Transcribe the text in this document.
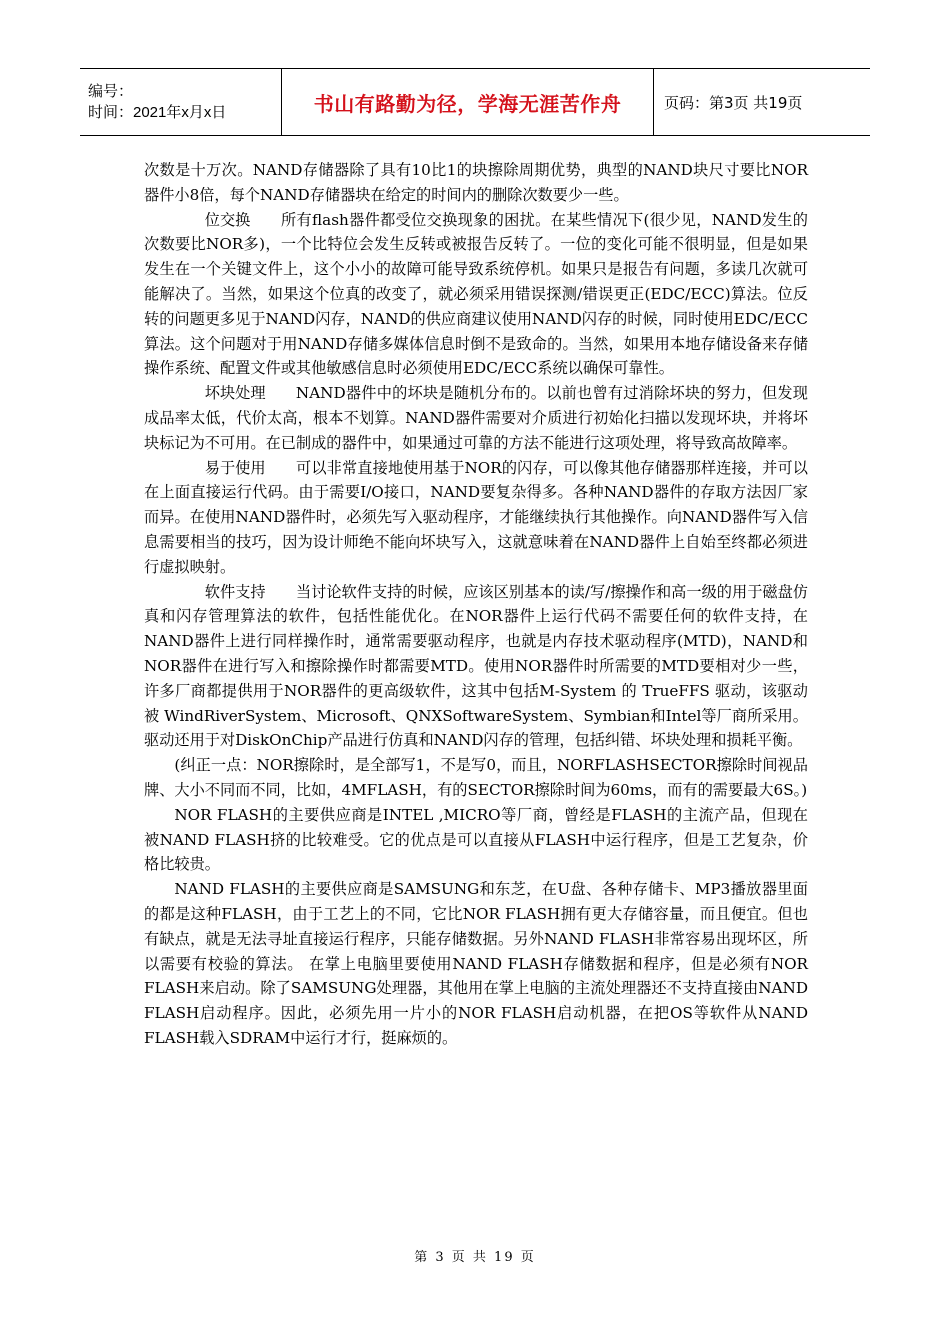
编号：
时间：2021年x月x日	书山有路勤为径，学海无涯苦作舟	页码：第3页 共19页

次数是十万次。NAND存储器除了具有10比1的块擦除周期优势，典型的NAND块尺寸要比NOR器件小8倍，每个NAND存储器块在给定的时间内的删除次数要少一些。

位交换 所有flash器件都受位交换现象的困扰。在某些情况下(很少见，NAND发生的次数要比NOR多)，一个比特位会发生反转或被报告反转了。一位的变化可能不很明显，但是如果发生在一个关键文件上，这个小小的故障可能导致系统停机。如果只是报告有问题，多读几次就可能解决了。当然，如果这个位真的改变了，就必须采用错误探测/错误更正(EDC/ECC)算法。位反转的问题更多见于NAND闪存，NAND的供应商建议使用NAND闪存的时候，同时使用EDC/ECC算法。这个问题对于用NAND存储多媒体信息时倒不是致命的。当然，如果用本地存储设备来存储操作系统、配置文件或其他敏感信息时必须使用EDC/ECC系统以确保可靠性。

坏块处理 NAND器件中的坏块是随机分布的。以前也曾有过消除坏块的努力，但发现成品率太低，代价太高，根本不划算。NAND器件需要对介质进行初始化扫描以发现坏块，并将坏块标记为不可用。在已制成的器件中，如果通过可靠的方法不能进行这项处理，将导致高故障率。

易于使用 可以非常直接地使用基于NOR的闪存，可以像其他存储器那样连接，并可以在上面直接运行代码。由于需要I/O接口，NAND要复杂得多。各种NAND器件的存取方法因厂家而异。在使用NAND器件时，必须先写入驱动程序，才能继续执行其他操作。向NAND器件写入信息需要相当的技巧，因为设计师绝不能向坏块写入，这就意味着在NAND器件上自始至终都必须进行虚拟映射。

软件支持 当讨论软件支持的时候，应该区别基本的读/写/擦操作和高一级的用于磁盘仿真和闪存管理算法的软件，包括性能优化。在NOR器件上运行代码不需要任何的软件支持，在NAND器件上进行同样操作时，通常需要驱动程序，也就是内存技术驱动程序(MTD)，NAND和NOR器件在进行写入和擦除操作时都需要MTD。使用NOR器件时所需要的MTD要相对少一些，许多厂商都提供用于NOR器件的更高级软件，这其中包括M-System 的 TrueFFS 驱动，该驱动被 WindRiverSystem、Microsoft、QNXSoftwareSystem、Symbian和Intel等厂商所采用。驱动还用于对DiskOnChip产品进行仿真和NAND闪存的管理，包括纠错、坏块处理和损耗平衡。

(纠正一点：NOR擦除时，是全部写1，不是写0，而且，NORFLASHSECTOR擦除时间视品牌、大小不同而不同，比如，4MFLASH，有的SECTOR擦除时间为60ms，而有的需要最大6S。)

NOR FLASH的主要供应商是INTEL ,MICRO等厂商，曾经是FLASH的主流产品，但现在被NAND FLASH挤的比较难受。它的优点是可以直接从FLASH中运行程序，但是工艺复杂，价格比较贵。

NAND FLASH的主要供应商是SAMSUNG和东芝，在U盘、各种存储卡、MP3播放器里面的都是这种FLASH，由于工艺上的不同，它比NOR FLASH拥有更大存储容量，而且便宜。但也有缺点，就是无法寻址直接运行程序，只能存储数据。另外NAND FLASH非常容易出现坏区，所以需要有校验的算法。 在掌上电脑里要使用NAND FLASH存储数据和程序，但是必须有NOR FLASH来启动。除了SAMSUNG处理器，其他用在掌上电脑的主流处理器还不支持直接由NAND FLASH启动程序。因此，必须先用一片小的NOR FLASH启动机器，在把OS等软件从NAND FLASH载入SDRAM中运行才行，挺麻烦的。

第 3 页 共 19 页
